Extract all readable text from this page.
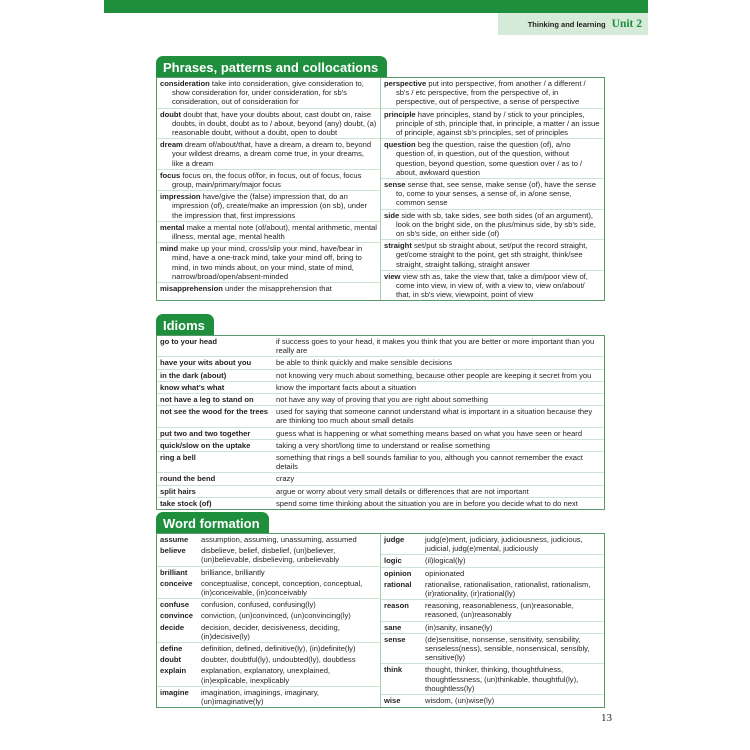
Thinking and learning Unit 2
Phrases, patterns and collocations
consideration take into consideration, give consideration to, show consideration for, under consideration, for sb's consideration, out of consideration for
doubt doubt that, have your doubts about, cast doubt on, raise doubts, in doubt, doubt as to / about, beyond (any) doubt, (a) reasonable doubt, without a doubt, open to doubt
dream dream of/about/that, have a dream, a dream to, beyond your wildest dreams, a dream come true, in your dreams, like a dream
focus focus on, the focus of/for, in focus, out of focus, focus group, main/primary/major focus
impression have/give the (false) impression that, do an impression (of), create/make an impression (on sb), under the impression that, first impressions
mental make a mental note (of/about), mental arithmetic, mental illness, mental age, mental health
mind make up your mind, cross/slip your mind, have/bear in mind, have a one-track mind, take your mind off, bring to mind, in two minds about, on your mind, state of mind, narrow/broad/open/absent-minded
misapprehension under the misapprehension that
perspective put into perspective, from another / a different / sb's / etc perspective, from the perspective of, in perspective, out of perspective, a sense of perspective
principle have principles, stand by / stick to your principles, principle of sth, principle that, in principle, a matter / an issue of principle, against sb's principles, set of principles
question beg the question, raise the question (of), a/no question of, in question, out of the question, without question, beyond question, some question over / as to / about, awkward question
sense sense that, see sense, make sense (of), have the sense to, come to your senses, a sense of, in a/one sense, common sense
side side with sb, take sides, see both sides (of an argument), look on the bright side, on the plus/minus side, by sb's side, on sb's side, on either side (of)
straight set/put sb straight about, set/put the record straight, get/come straight to the point, get sth straight, think/see straight, straight talking, straight answer
view view sth as, take the view that, take a dim/poor view of, come into view, in view of, with a view to, view on/about/ that, in sb's view, viewpoint, point of view
Idioms
go to your head	if success goes to your head, it makes you think that you are better or more important than you really are
have your wits about you	be able to think quickly and make sensible decisions
in the dark (about)	not knowing very much about something, because other people are keeping it secret from you
know what's what	know the important facts about a situation
not have a leg to stand on	not have any way of proving that you are right about something
not see the wood for the trees	used for saying that someone cannot understand what is important in a situation because they are thinking too much about small details
put two and two together	guess what is happening or what something means based on what you have seen or heard
quick/slow on the uptake	taking a very short/long time to understand or realise something
ring a bell	something that rings a bell sounds familiar to you, although you cannot remember the exact details
round the bend	crazy
split hairs	argue or worry about very small details or differences that are not important
take stock (of)	spend some time thinking about the situation you are in before you decide what to do next
Word formation
assume	assumption, assuming, unassuming, assumed
believe	disbelieve, belief, disbelief, (un)believer, (un)believable, disbelieving, unbelievably
brilliant	brilliance, brilliantly
conceive	conceptualise, concept, conception, conceptual, (in)conceivable, (in)conceivably
confuse	confusion, confused, confusing(ly)
convince	conviction, (un)convinced, (un)convincing(ly)
decide	decision, decider, decisiveness, deciding, (in)decisive(ly)
define	definition, defined, definitive(ly), (in)definite(ly)
doubt	doubter, doubtful(ly), undoubted(ly), doubtless
explain	explanation, explanatory, unexplained, (in)explicable, inexplicably
imagine	imagination, imaginings, imaginary, (un)imaginative(ly)
judge	judg(e)ment, judiciary, judiciousness, judicious, judicial, judg(e)mental, judiciously
logic	(il)logical(ly)
opinion	opinionated
rational	rationalise, rationalisation, rationalist, rationalism, (ir)rationality, (ir)rational(ly)
reason	reasoning, reasonableness, (un)reasonable, reasoned, (un)reasonably
sane	(in)sanity, insane(ly)
sense	(de)sensitise, nonsense, sensitivity, sensibility, senseless(ness), sensible, nonsensical, sensibly, sensitive(ly)
think	thought, thinker, thinking, thoughtfulness, thoughtlessness, (un)thinkable, thoughtful(ly), thoughtless(ly)
wise	wisdom, (un)wise(ly)
13
